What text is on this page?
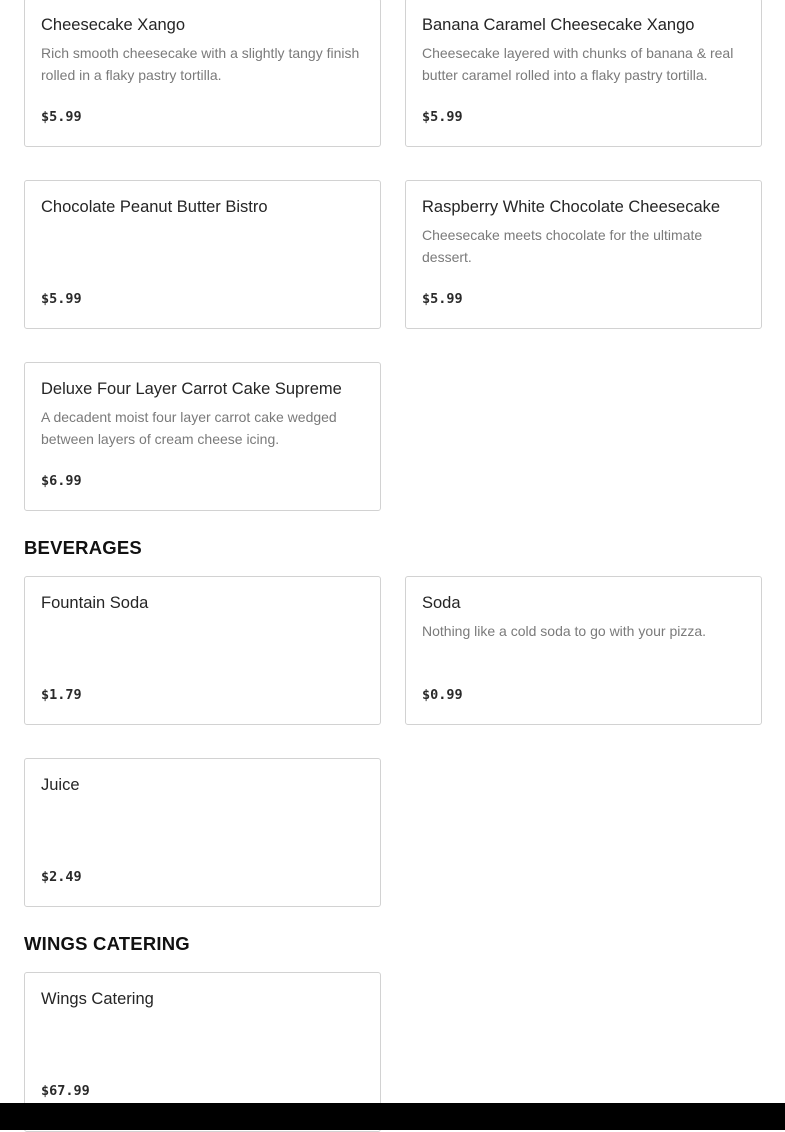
Cheesecake Xango
Rich smooth cheesecake with a slightly tangy finish rolled in a flaky pastry tortilla.
$5.99
Banana Caramel Cheesecake Xango
Cheesecake layered with chunks of banana & real butter caramel rolled into a flaky pastry tortilla.
$5.99
Chocolate Peanut Butter Bistro
$5.99
Raspberry White Chocolate Cheesecake
Cheesecake meets chocolate for the ultimate dessert.
$5.99
Deluxe Four Layer Carrot Cake Supreme
A decadent moist four layer carrot cake wedged between layers of cream cheese icing.
$6.99
BEVERAGES
Fountain Soda
$1.79
Soda
Nothing like a cold soda to go with your pizza.
$0.99
Juice
$2.49
WINGS CATERING
Wings Catering
$67.99
